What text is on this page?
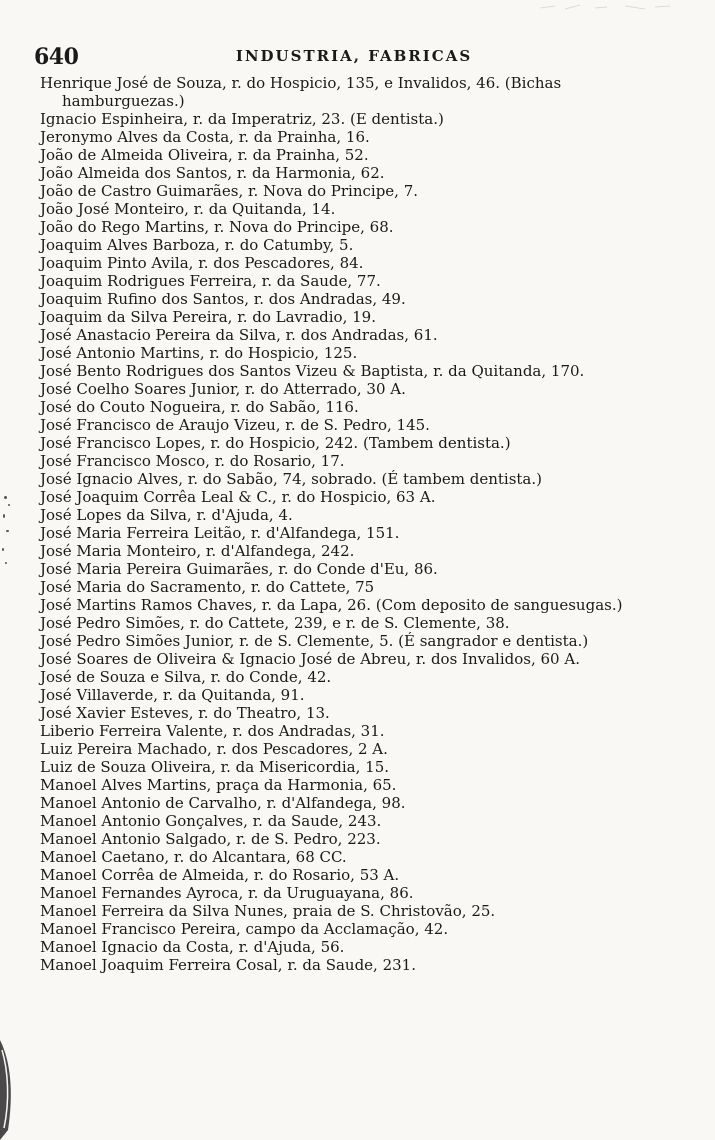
640	INDUSTRIA, FABRICAS
Henrique José de Souza, r. do Hospicio, 135, e Invalidos, 46. (Bichas hamburguezas.)
Ignacio Espinheira, r. da Imperatriz, 23. (E dentista.)
Jeronymo Alves da Costa, r. da Prainha, 16.
João de Almeida Oliveira, r. da Prainha, 52.
João Almeida dos Santos, r. da Harmonia, 62.
João de Castro Guimarães, r. Nova do Principe, 7.
João José Monteiro, r. da Quitanda, 14.
João do Rego Martins, r. Nova do Principe, 68.
Joaquim Alves Barboza, r. do Catumby, 5.
Joaquim Pinto Avila, r. dos Pescadores, 84.
Joaquim Rodrigues Ferreira, r. da Saude, 77.
Joaquim Rufino dos Santos, r. dos Andradas, 49.
Joaquim da Silva Pereira, r. do Lavradio, 19.
José Anastacio Pereira da Silva, r. dos Andradas, 61.
José Antonio Martins, r. do Hospicio, 125.
José Bento Rodrigues dos Santos Vizeu & Baptista, r. da Quitanda, 170.
José Coelho Soares Junior, r. do Atterrado, 30 A.
José do Couto Nogueira, r. do Sabão, 116.
José Francisco de Araujo Vizeu, r. de S. Pedro, 145.
José Francisco Lopes, r. do Hospicio, 242. (Tambem dentista.)
José Francisco Mosco, r. do Rosario, 17.
José Ignacio Alves, r. do Sabão, 74, sobrado. (É tambem dentista.)
José Joaquim Corrêa Leal & C., r. do Hospicio, 63 A.
José Lopes da Silva, r. d'Ajuda, 4.
José Maria Ferreira Leitão, r. d'Alfandega, 151.
José Maria Monteiro, r. d'Alfandega, 242.
José Maria Pereira Guimarães, r. do Conde d'Eu, 86.
José Maria do Sacramento, r. do Cattete, 75
José Martins Ramos Chaves, r. da Lapa, 26. (Com deposito de sanguesugas.)
José Pedro Simões, r. do Cattete, 239, e r. de S. Clemente, 38.
José Pedro Simões Junior, r. de S. Clemente, 5. (É sangrador e dentista.)
José Soares de Oliveira & Ignacio José de Abreu, r. dos Invalidos, 60 A.
José de Souza e Silva, r. do Conde, 42.
José Villaverde, r. da Quitanda, 91.
José Xavier Esteves, r. do Theatro, 13.
Liberio Ferreira Valente, r. dos Andradas, 31.
Luiz Pereira Machado, r. dos Pescadores, 2 A.
Luiz de Souza Oliveira, r. da Misericordia, 15.
Manoel Alves Martins, praça da Harmonia, 65.
Manoel Antonio de Carvalho, r. d'Alfandega, 98.
Manoel Antonio Gonçalves, r. da Saude, 243.
Manoel Antonio Salgado, r. de S. Pedro, 223.
Manoel Caetano, r. do Alcantara, 68 CC.
Manoel Corrêa de Almeida, r. do Rosario, 53 A.
Manoel Fernandes Ayroca, r. da Uruguayana, 86.
Manoel Ferreira da Silva Nunes, praia de S. Christovão, 25.
Manoel Francisco Pereira, campo da Acclamação, 42.
Manoel Ignacio da Costa, r. d'Ajuda, 56.
Manoel Joaquim Ferreira Cosal, r. da Saude, 231.
